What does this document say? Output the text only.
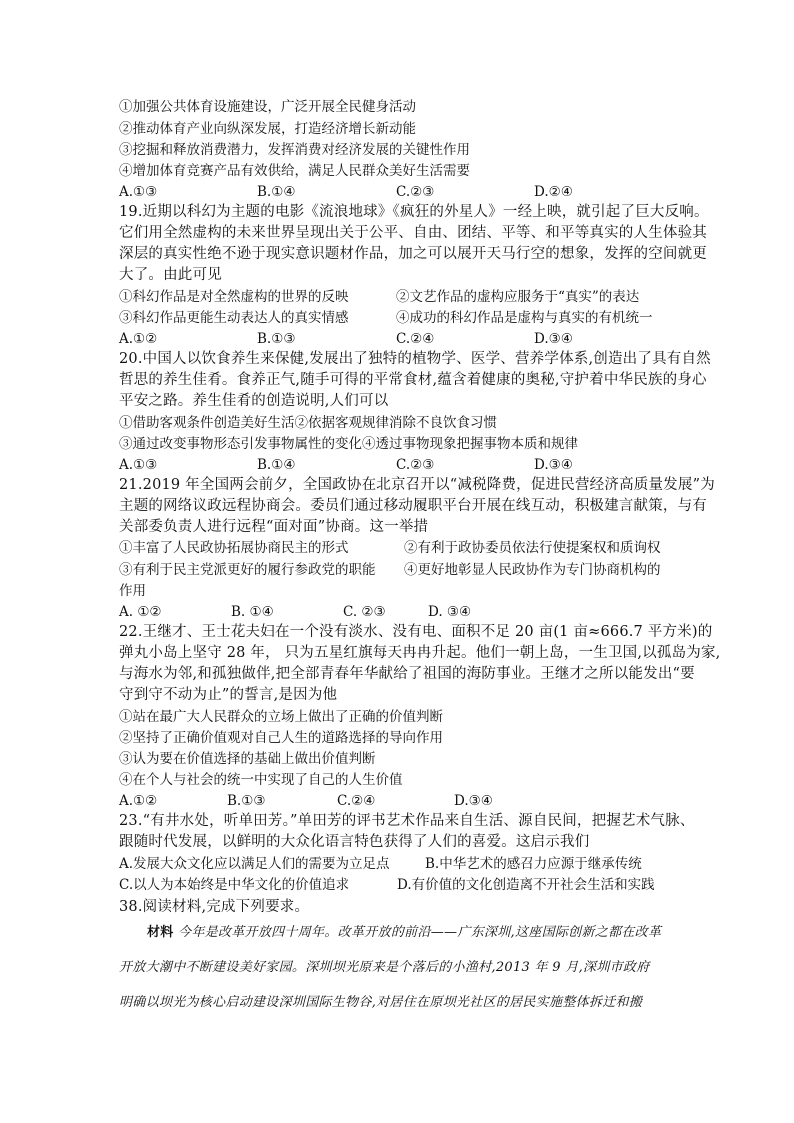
①加强公共体育设施建设，广泛开展全民健身活动
②推动体育产业向纵深发展，打造经济增长新动能
③挖掘和释放消费潜力，发挥消费对经济发展的关键性作用
④增加体育竞赛产品有效供给，满足人民群众美好生活需要
A.①③	B.①④	C.②③	D.②④
19.近期以科幻为主题的电影《流浪地球》《疯狂的外星人》一经上映，就引起了巨大反响。
它们用全然虚构的未来世界呈现出关于公平、自由、团结、平等、和平等真实的人生体验其
深层的真实性绝不逊于现实意识题材作品，加之可以展开天马行空的想象，发挥的空间就更
大了。由此可见
①科幻作品是对全然虚构的世界的反映	②文艺作品的虚构应服务于“真实”的表达
③科幻作品更能生动表达人的真实情感	④成功的科幻作品是虚构与真实的有机统一
A.①②	B.①③	C.②④	D.③④
20.中国人以饮食养生来保健,发展出了独特的植物学、医学、营养学体系,创造出了具有自然
哲思的养生佳肴。食养正气,随手可得的平常食材,蕴含着健康的奥秘,守护着中华民族的身心
平安之路。养生佳肴的创造说明,人们可以
①借助客观条件创造美好生活②依据客观规律消除不良饮食习惯
③通过改变事物形态引发事物属性的变化④透过事物现象把握事物本质和规律
A.①③	B.①④	C.②③	D.③④
21.2019 年全国两会前夕，全国政协在北京召开以“减税降费，促进民营经济高质量发展”为
主题的网络议政远程协商会。委员们通过移动履职平台开展在线互动，积极建言献策，与有
关部委负责人进行远程“面对面”协商。这一举措
①丰富了人民政协拓展协商民主的形式	②有利于政协委员依法行使提案权和质询权
③有利于民主党派更好的履行参政党的职能 ④更好地彰显人民政协作为专门协商机构的
作用
A. ①②	B. ①④	C. ②③	D. ③④
22.王继才、王士花夫妇在一个没有淡水、没有电、面积不足 20 亩(1 亩≈666.7 平方米)的
弹丸小岛上坚守 28 年， 只为五星红旗每天冉冉升起。他们一朝上岛，一生卫国,以孤岛为家,
与海水为邻,和孤独做伴,把全部青春年华献给了祖国的海防事业。王继才之所以能发出“要
守到守不动为止”的誓言,是因为他
①站在最广大人民群众的立场上做出了正确的价值判断
②坚持了正确价值观对自己人生的道路选择的导向作用
③认为要在价值选择的基础上做出价值判断
④在个人与社会的统一中实现了自己的人生价值
A.①②	B.①③	C.②④	D.③④
23.“有井水处，听单田芳。”单田芳的评书艺术作品来自生活、源自民间，把握艺术气脉、
跟随时代发展，以鲜明的大众化语言特色获得了人们的喜爱。这启示我们
A.发展大众文化应以满足人们的需要为立足点	B.中华艺术的感召力应源于继承传统
C.以人为本始终是中华文化的价值追求	D.有价值的文化创造离不开社会生活和实践
38.阅读材料,完成下列要求。
材料 今年是改革开放四十周年。改革开放的前沿——广东深圳,这座国际创新之都在改革
开放大潮中不断建设美好家园。深圳坝光原来是个落后的小渔村,2013 年 9 月,深圳市政府
明确以坝光为核心启动建设深圳国际生物谷,对居住在原坝光社区的居民实施整体拆迁和搬
